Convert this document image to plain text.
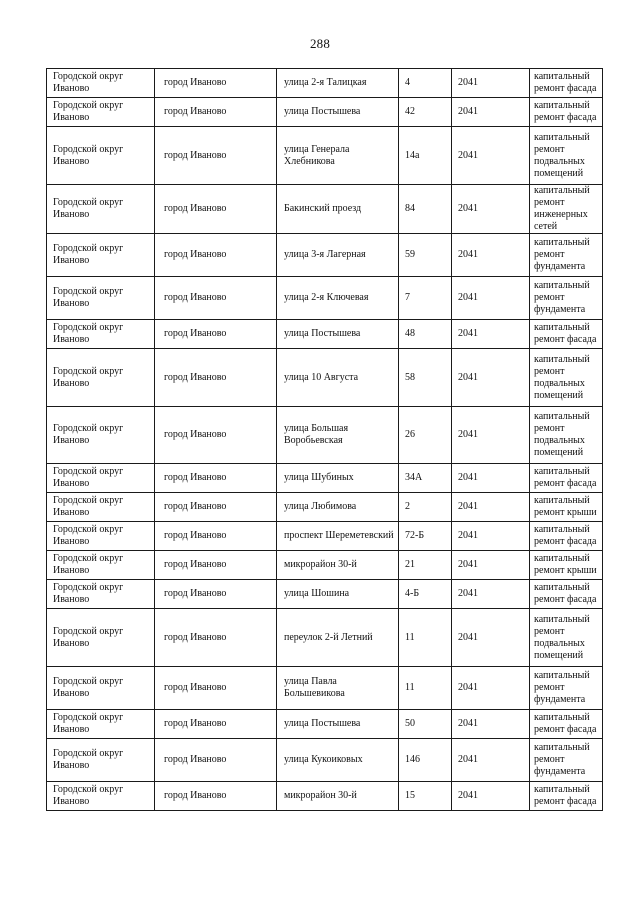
288
Городской округ Иваново	город Иваново	улица 2-я Талицкая	4	2041	капитальный ремонт фасада
Городской округ Иваново	город Иваново	улица Постышева	42	2041	капитальный ремонт фасада
Городской округ Иваново	город Иваново	улица Генерала Хлебникова	14а	2041	капитальный ремонт подвальных помещений
Городской округ Иваново	город Иваново	Бакинский проезд	84	2041	капитальный ремонт инженерных сетей
Городской округ Иваново	город Иваново	улица 3-я Лагерная	59	2041	капитальный ремонт фундамента
Городской округ Иваново	город Иваново	улица 2-я Ключевая	7	2041	капитальный ремонт фундамента
Городской округ Иваново	город Иваново	улица Постышева	48	2041	капитальный ремонт фасада
Городской округ Иваново	город Иваново	улица 10 Августа	58	2041	капитальный ремонт подвальных помещений
Городской округ Иваново	город Иваново	улица Большая Воробьевская	26	2041	капитальный ремонт подвальных помещений
Городской округ Иваново	город Иваново	улица Шубиных	34А	2041	капитальный ремонт фасада
Городской округ Иваново	город Иваново	улица Любимова	2	2041	капитальный ремонт крыши
Городской округ Иваново	город Иваново	проспект Шереметевский	72-Б	2041	капитальный ремонт фасада
Городской округ Иваново	город Иваново	микрорайон 30-й	21	2041	капитальный ремонт крыши
Городской округ Иваново	город Иваново	улица Шошина	4-Б	2041	капитальный ремонт фасада
Городской округ Иваново	город Иваново	переулок 2-й Летний	11	2041	капитальный ремонт подвальных помещений
Городской округ Иваново	город Иваново	улица Павла Большевикова	11	2041	капитальный ремонт фундамента
Городской округ Иваново	город Иваново	улица Постышева	50	2041	капитальный ремонт фасада
Городской округ Иваново	город Иваново	улица Кукоиковых	146	2041	капитальный ремонт фундамента
Городской округ Иваново	город Иваново	микрорайон 30-й	15	2041	капитальный ремонт фасада
